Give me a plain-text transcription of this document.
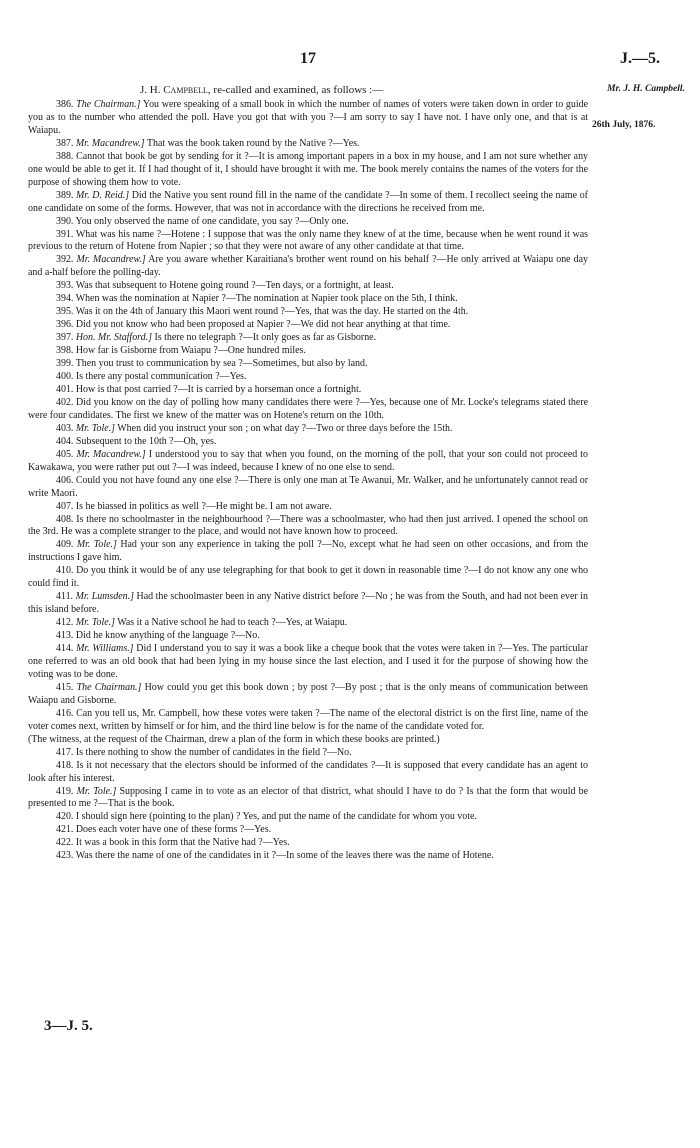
17	J.—5.
Mr. J. H. Campbell.
26th July, 1876.
J. H. Campbell, re-called and examined, as follows :—

386. The Chairman.] You were speaking of a small book in which the number of names of voters were taken down in order to guide you as to the number who attended the poll. Have you got that with you ?—I am sorry to say I have not. I have only one, and that is at Waiapu.

387. Mr. Macandrew.] That was the book taken round by the Native ?—Yes.

388. Cannot that book be got by sending for it ?—It is among important papers in a box in my house, and I am not sure whether any one would be able to get it. If I had thought of it, I should have brought it with me. The book merely contains the names of the voters for the purpose of showing them how to vote.

389. Mr. D. Reid.] Did the Native you sent round fill in the name of the candidate ?—In some of them. I recollect seeing the name of one candidate on some of the forms. However, that was not in accordance with the directions he received from me.

390. You only observed the name of one candidate, you say ?—Only one.

391. What was his name ?—Hotene : I suppose that was the only name they knew of at the time, because when he went round it was previous to the return of Hotene from Napier ; so that they were not aware of any other candidate at that time.

392. Mr. Macandrew.] Are you aware whether Karaitiana's brother went round on his behalf ?—He only arrived at Waiapu one day and a-half before the polling-day.

393. Was that subsequent to Hotene going round ?—Ten days, or a fortnight, at least.

394. When was the nomination at Napier ?—The nomination at Napier took place on the 5th, I think.

395. Was it on the 4th of January this Maori went round ?—Yes, that was the day. He started on the 4th.

396. Did you not know who had been proposed at Napier ?—We did not hear anything at that time.

397. Hon. Mr. Stafford.] Is there no telegraph ?—It only goes as far as Gisborne.

398. How far is Gisborne from Waiapu ?—One hundred miles.

399. Then you trust to communication by sea ?—Sometimes, but also by land.

400. Is there any postal communication ?—Yes.

401. How is that post carried ?—It is carried by a horseman once a fortnight.

402. Did you know on the day of polling how many candidates there were ?—Yes, because one of Mr. Locke's telegrams stated there were four candidates. The first we knew of the matter was on Hotene's return on the 10th.

403. Mr. Tole.] When did you instruct your son ; on what day ?—Two or three days before the 15th.

404. Subsequent to the 10th ?—Oh, yes.

405. Mr. Macandrew.] I understood you to say that when you found, on the morning of the poll, that your son could not proceed to Kawakawa, you were rather put out ?—I was indeed, because I knew of no one else to send.

406. Could you not have found any one else ?—There is only one man at Te Awanui, Mr. Walker, and he unfortunately cannot read or write Maori.

407. Is he biassed in politics as well ?—He might be. I am not aware.

408. Is there no schoolmaster in the neighbourhood ?—There was a schoolmaster, who had then just arrived. I opened the school on the 3rd. He was a complete stranger to the place, and would not have known how to proceed.

409. Mr. Tole.] Had your son any experience in taking the poll ?—No, except what he had seen on other occasions, and from the instructions I gave him.

410. Do you think it would be of any use telegraphing for that book to get it down in reasonable time ?—I do not know any one who could find it.

411. Mr. Lumsden.] Had the schoolmaster been in any Native district before ?—No ; he was from the South, and had not been ever in this island before.

412. Mr. Tole.] Was it a Native school he had to teach ?—Yes, at Waiapu.

413. Did he know anything of the language ?—No.

414. Mr. Williams.] Did I understand you to say it was a book like a cheque book that the votes were taken in ?—Yes. The particular one referred to was an old book that had been lying in my house since the last election, and I used it for the purpose of showing how the voting was to be done.

415. The Chairman.] How could you get this book down ; by post ?—By post ; that is the only means of communication between Waiapu and Gisborne.

416. Can you tell us, Mr. Campbell, how these votes were taken ?—The name of the electoral district is on the first line, name of the voter comes next, written by himself or for him, and the third line below is for the name of the candidate voted for.

(The witness, at the request of the Chairman, drew a plan of the form in which these books are printed.)

417. Is there nothing to show the number of candidates in the field ?—No.

418. Is it not necessary that the electors should be informed of the candidates ?—It is supposed that every candidate has an agent to look after his interest.

419. Mr. Tole.] Supposing I came in to vote as an elector of that district, what should I have to do ? Is that the form that would be presented to me ?—That is the book.

420. I should sign here (pointing to the plan) ? Yes, and put the name of the candidate for whom you vote.

421. Does each voter have one of these forms ?—Yes.

422. It was a book in this form that the Native had ?—Yes.

423. Was there the name of one of the candidates in it ?—In some of the leaves there was the name of Hotene.

3—J. 5.
